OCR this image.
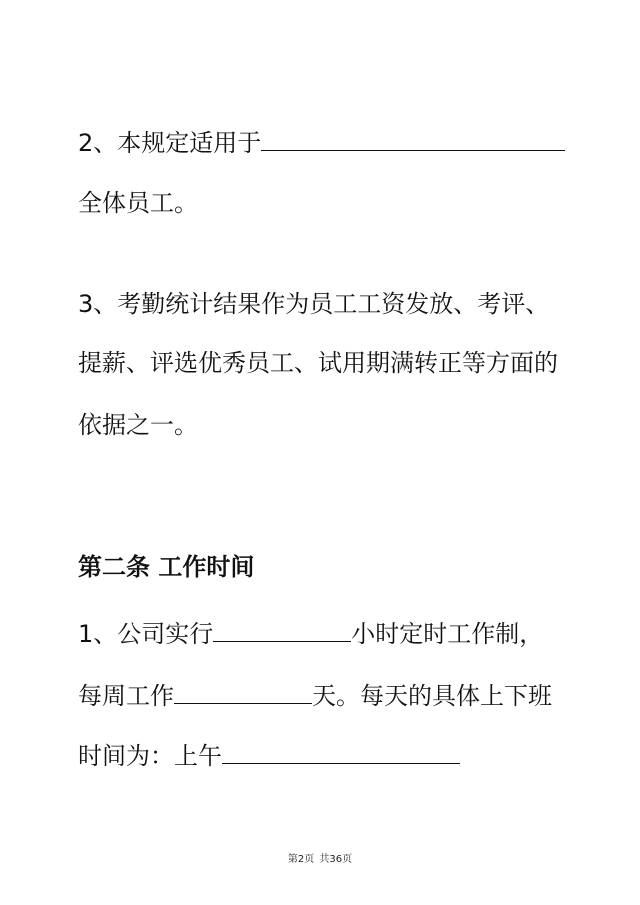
2、本规定适用于
全体员工。
3、考勤统计结果作为员工工资发放、考评、
提薪、评选优秀员工、试用期满转正等方面的
依据之一。
第二条 工作时间
1、公司实行	小时定时工作制，
每周工作	天。每天的具体上下班
时间为：上午
第2页 共36页
